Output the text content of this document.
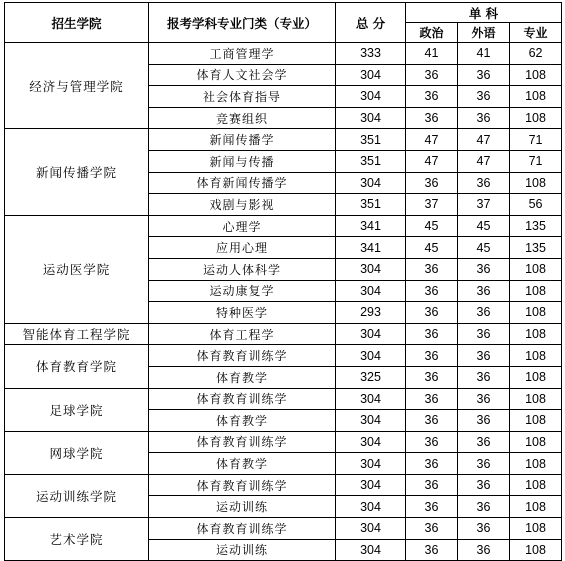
招生学院	报考学科专业门类（专业）	总 分	单 科		
			政治	外语	专业
经济与管理学院	工商管理学	333	41	41	62
	体育人文社会学	304	36	36	108
	社会体育指导	304	36	36	108
	竞赛组织	304	36	36	108
新闻传播学院	新闻传播学	351	47	47	71
	新闻与传播	351	47	47	71
	体育新闻传播学	304	36	36	108
	戏剧与影视	351	37	37	56
运动医学院	心理学	341	45	45	135
	应用心理	341	45	45	135
	运动人体科学	304	36	36	108
	运动康复学	304	36	36	108
	特种医学	293	36	36	108
智能体育工程学院	体育工程学	304	36	36	108
体育教育学院	体育教育训练学	304	36	36	108
	体育教学	325	36	36	108
足球学院	体育教育训练学	304	36	36	108
	体育教学	304	36	36	108
网球学院	体育教育训练学	304	36	36	108
	体育教学	304	36	36	108
运动训练学院	体育教育训练学	304	36	36	108
	运动训练	304	36	36	108
艺术学院	体育教育训练学	304	36	36	108
	运动训练	304	36	36	108
